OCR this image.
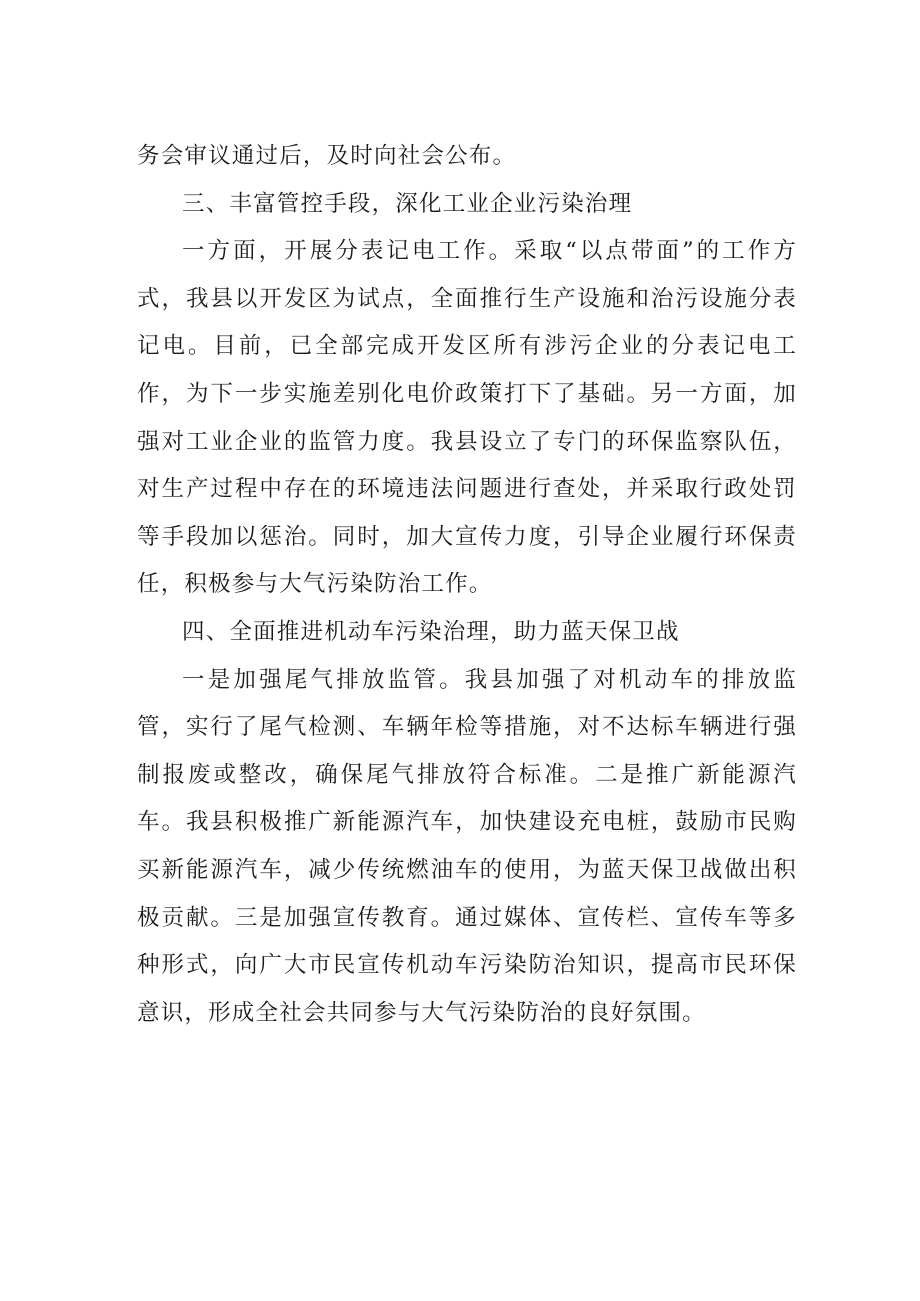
务会审议通过后，及时向社会公布。

三、丰富管控手段，深化工业企业污染治理

一方面，开展分表记电工作。采取“以点带面”的工作方式，我县以开发区为试点，全面推行生产设施和治污设施分表记电。目前，已全部完成开发区所有涉污企业的分表记电工作，为下一步实施差别化电价政策打下了基础。另一方面，加强对工业企业的监管力度。我县设立了专门的环保监察队伍，对生产过程中存在的环境违法问题进行查处，并采取行政处罚等手段加以惩治。同时，加大宣传力度，引导企业履行环保责任，积极参与大气污染防治工作。

四、全面推进机动车污染治理，助力蓝天保卫战

一是加强尾气排放监管。我县加强了对机动车的排放监管，实行了尾气检测、车辆年检等措施，对不达标车辆进行强制报废或整改，确保尾气排放符合标准。二是推广新能源汽车。我县积极推广新能源汽车，加快建设充电桩，鼓励市民购买新能源汽车，减少传统燃油车的使用，为蓝天保卫战做出积极贡献。三是加强宣传教育。通过媒体、宣传栏、宣传车等多种形式，向广大市民宣传机动车污染防治知识，提高市民环保意识，形成全社会共同参与大气污染防治的良好氛围。
